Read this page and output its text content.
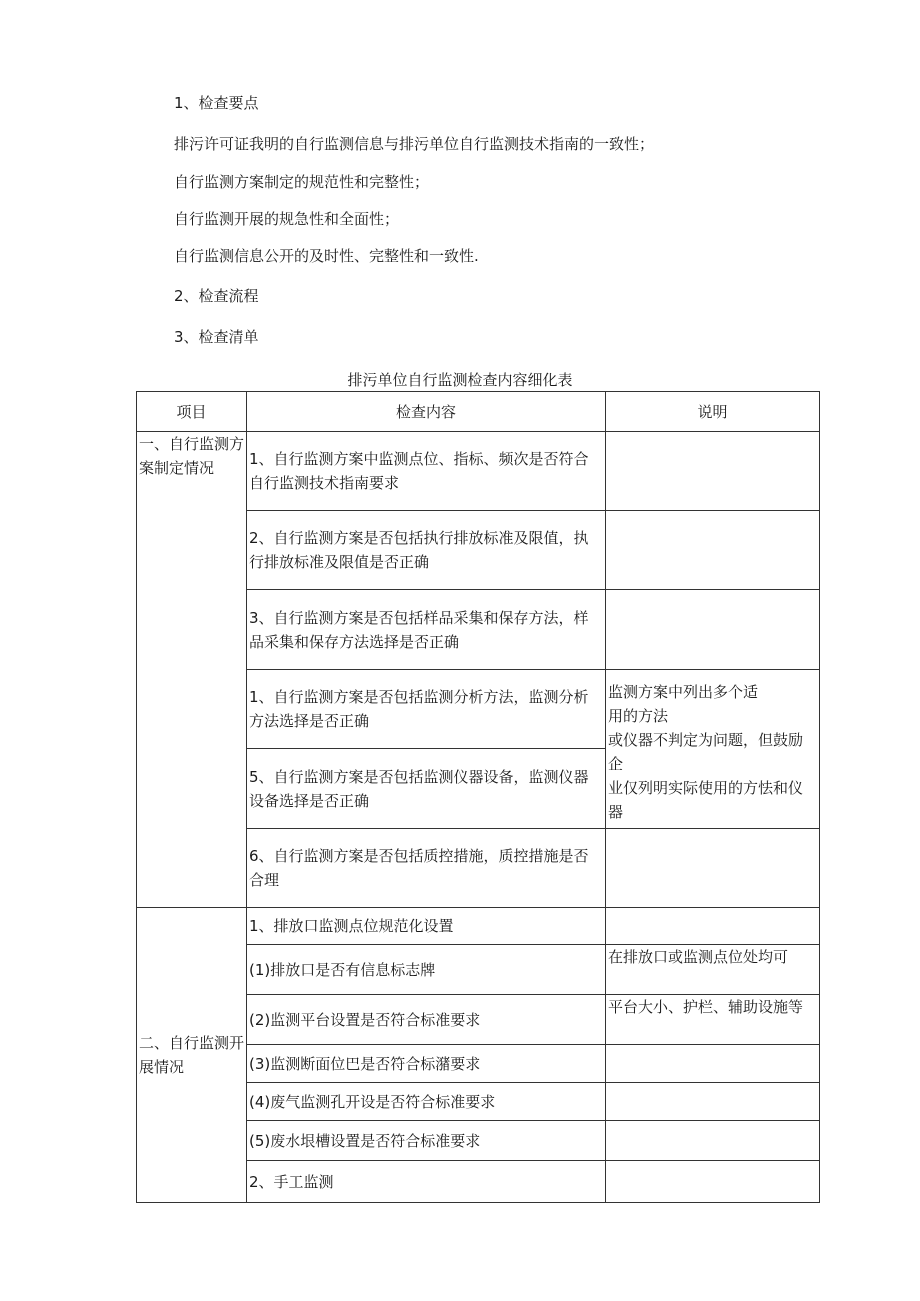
1、检查要点
排污许可证我明的自行监测信息与排污单位自行监测技术指南的一致性；
自行监测方案制定的规范性和完整性；
自行监测开展的规急性和全面性；
自行监测信息公开的及时性、完整性和一致性.
2、检查流程
3、检查清单
排污单位自行监测检查内容细化表
项目	检查内容	说明
一、自行监测方案制定情况	1、自行监测方案中监测点位、指标、频次是否符合自行监测技术指南要求	
	2、自行监测方案是否包括执行排放标准及限值，执行排放标准及限值是否正确	
	3、自行监测方案是否包括样品采集和保存方法，样品采集和保存方法选择是否正确	
	1、自行监测方案是否包括监测分析方法，监测分析方法选择是否正确	监测方案中列出多个适
用的方法
或仪器不判定为问题，但鼓励企
业仅列明实际使用的方怯和仪器

	5、自行监测方案是否包括监测仪器设备，监测仪器设备选择是否正确	
	6、自行监测方案是否包括质控措施，质控措施是否合理	
二、自行监测开展情况	1、排放口监测点位规范化设置	
	(1)排放口是否有信息标志牌	在排放口或监测点位处均可
	(2)监测平台设置是否符合标准要求	平台大小、护栏、辅助设施等
	(3)监测断面位巴是否符合标潴要求	
	(4)废气监测孔开设是否符合标准要求	
	(5)废水垠槽设置是否符合标准要求	
	2、手工监测	
